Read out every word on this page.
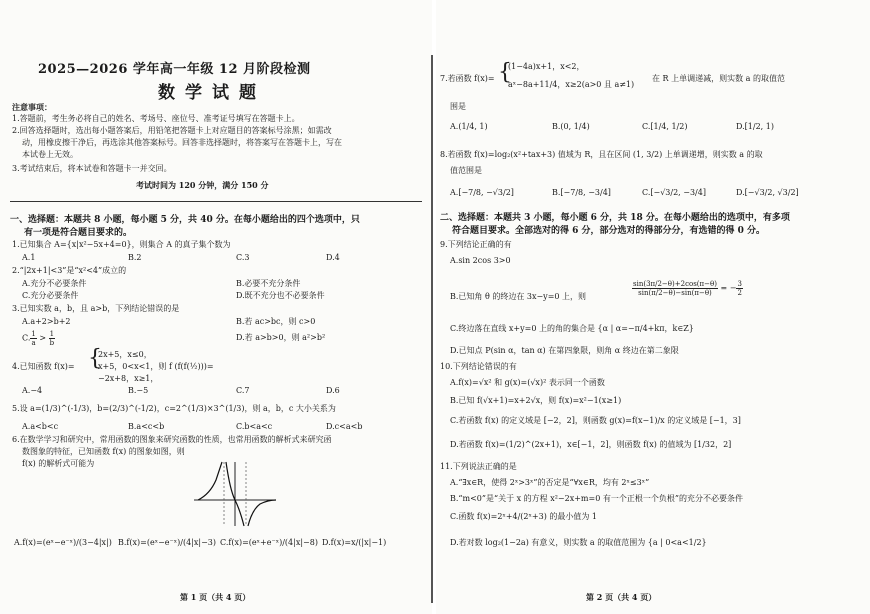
2025—2026 学年高一年级 12 月阶段检测
数学试题
注意事项：
1.答题前，考生务必将自己的姓名、考场号、座位号、准考证号填写在答题卡上。
2.回答选择题时，选出每小题答案后，用铅笔把答题卡上对应题目的答案标号涂黑；如需改
动，用橡皮擦干净后，再选涂其他答案标号。回答非选择题时，将答案写在答题卡上，写在
本试卷上无效。
3.考试结束后，将本试卷和答题卡一并交回。
考试时间为 120 分钟，满分 150 分
一、选择题：本题共 8 小题，每小题 5 分，共 40 分。在每小题给出的四个选项中，只
有一项是符合题目要求的。
1.已知集合 A={x|x²−5x+4=0}，则集合 A 的真子集个数为
A.1	B.2	C.3	D.4
2.“|2x+1|<3”是“x²<4”成立的
A.充分不必要条件	B.必要不充分条件
C.充分必要条件	D.既不充分也不必要条件
3.已知实数 a，b，且 a>b，下列结论错误的是
A.a+2>b+2	B.若 ac>bc，则 c>0
C. $\frac{1}{a} > \frac{1}{b}$	D.若 a>b>0，则 a²>b²
4.已知函数 f(x)= {
2x+5，x≤0，
x+5，0<x<1，则 f (f(f(½)))=
−2x+8，x≥1，
A.−4	B.−5	C.7	D.6
5.设 a=(1/3)^(-1/3)，b=(2/3)^(-1/2)，c=2^(1/3)×3^(1/3)，则 a，b，c 大小关系为
A.a<b<c	B.a<c<b	C.b<a<c	D.c<a<b
6.在数学学习和研究中，常用函数的图象来研究函数的性质，也常用函数的解析式来研究函
数图象的特征，已知函数 f(x) 的图象如图，则
f(x) 的解析式可能为
A.f(x)=(eˣ−e⁻ˣ)/(3−4|x|) B.f(x)=(eˣ−e⁻ˣ)/(4|x|−3) C.f(x)=(eˣ+e⁻ˣ)/(4|x|−8) D.f(x)=x/(|x|−1)
第 1 页（共 4 页）
7.若函数 f(x)= {
(1−4a)x+1，x<2，
aˣ−8a+11/4，x≥2(a>0 且 a≠1)
在 R 上单调递减，则实数 a 的取值范
围是
A.(1/4, 1)	B.(0, 1/4)	C.[1/4, 1/2)	D.[1/2, 1)
8.若函数 f(x)=log₂(x²+tax+3) 值域为 R，且在区间 (1, 3/2) 上单调递增，则实数 a 的取
值范围是
A.[−7/8, −√3/2]	B.[−7/8, −3/4]	C.[−√3/2, −3/4]	D.[−√3/2, √3/2]
二、选择题：本题共 3 小题，每小题 6 分，共 18 分。在每小题给出的选项中，有多项
符合题目要求。全部选对的得 6 分，部分选对的得部分分，有选错的得 0 分。
9.下列结论正确的有
A.sin 2cos 3>0
B.已知角 θ 的终边在 3x−y=0 上，则	$\frac{\sin(3\pi/2-\theta)+2\cos(\pi-\theta)}{\sin(\pi/2-\theta)-\sin(\pi-\theta)}$ = − $\frac{3}{2}$
C.终边落在直线 x+y=0 上的角的集合是 {α | α=−π/4+kπ，k∈Z}
D.已知点 P(sin α，tan α) 在第四象限，则角 α 终边在第二象限
10.下列结论错误的有
A.f(x)=√x² 和 g(x)=(√x)² 表示同一个函数
B.已知 f(√x+1)=x+2√x，则 f(x)=x²−1(x≥1)
C.若函数 f(x) 的定义域是 [−2，2]，则函数 g(x)=f(x−1)/x 的定义域是 [−1，3]
D.若函数 f(x)=(1/2)^(2x+1)，x∈[−1，2]，则函数 f(x) 的值域为 [1/32，2]
11.下列说法正确的是
A.“∃x∈R，使得 2ˣ>3ˣ”的否定是“∀x∈R，均有 2ˣ≤3ˣ”
B.“m<0”是“关于 x 的方程 x²−2x+m=0 有一个正根一个负根”的充分不必要条件
C.函数 f(x)=2ˣ+4/(2ˣ+3) 的最小值为 1
D.若对数 log₂(1−2a) 有意义，则实数 a 的取值范围为 {a | 0<a<1/2}
第 2 页（共 4 页）
